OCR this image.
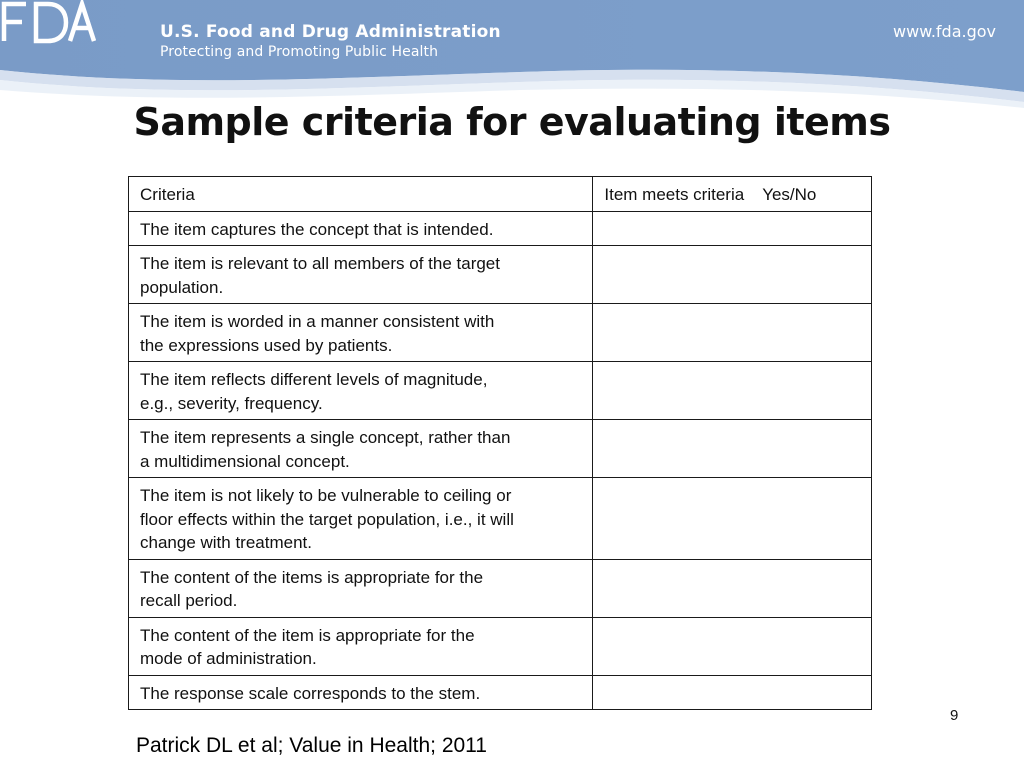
U.S. Food and Drug Administration
Protecting and Promoting Public Health
www.fda.gov
Sample criteria for evaluating items
Criteria	Item meets criteria Yes/No
The item captures the concept that is intended.	
The item is relevant to all members of the target
population.	
The item is worded in a manner consistent with
the expressions used by patients.	
The item reflects different levels of magnitude,
e.g., severity, frequency.	
The item represents a single concept, rather than
a multidimensional concept.	
The item is not likely to be vulnerable to ceiling or
floor effects within the target population, i.e., it will
change with treatment.	
The content of the items is appropriate for the
recall period.	
The content of the item is appropriate for the
mode of administration.	
The response scale corresponds to the stem.	
9
Patrick DL et al; Value in Health; 2011
